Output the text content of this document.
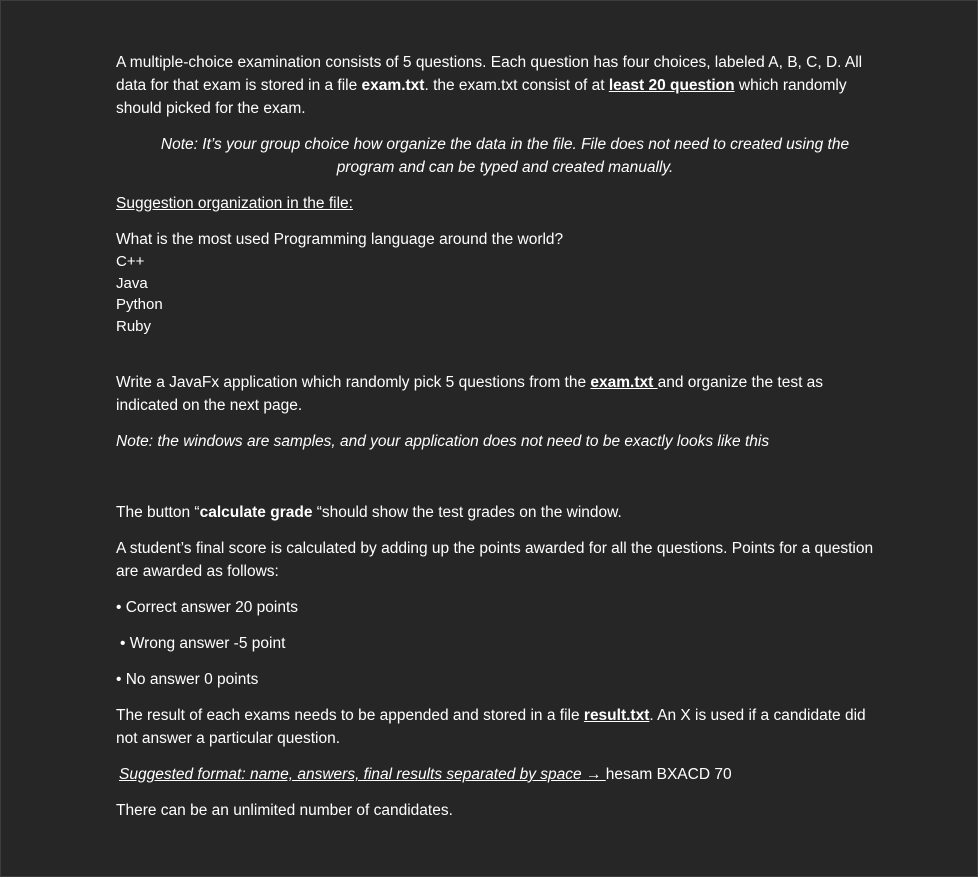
A multiple-choice examination consists of 5 questions. Each question has four choices, labeled A, B, C, D. All data for that exam is stored in a file exam.txt. the exam.txt consist of at least 20 question which randomly should picked for the exam.

Note: It’s your group choice how organize the data in the file. File does not need to created using the program and can be typed and created manually.

Suggestion organization in the file:

What is the most used Programming language around the world?

C++
Java
Python
Ruby

Write a JavaFx application which randomly pick 5 questions from the exam.txt and organize the test as indicated on the next page.

Note: the windows are samples, and your application does not need to be exactly looks like this

The button “calculate grade “should show the test grades on the window.

A student’s final score is calculated by adding up the points awarded for all the questions. Points for a question are awarded as follows:

• Correct answer 20 points

• Wrong answer -5 point

• No answer 0 points

The result of each exams needs to be appended and stored in a file result.txt. An X is used if a candidate did not answer a particular question.

Suggested format: name, answers, final results separated by space → hesam BXACD 70

There can be an unlimited number of candidates.
